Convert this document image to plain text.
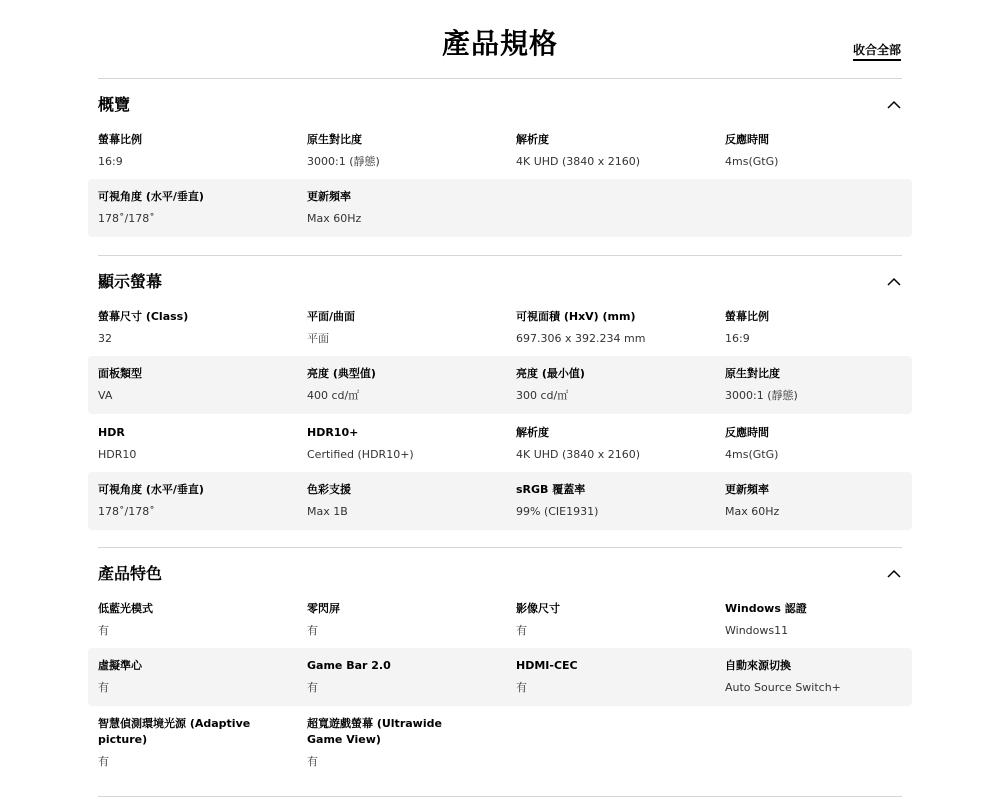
產品規格	收合全部
概覽
螢幕比例
16:9
原生對比度
3000:1 (靜態)
解析度
4K UHD (3840 x 2160)
反應時間
4ms(GtG)
可視角度 (水平/垂直)
178˚/178˚
更新頻率
Max 60Hz
顯示螢幕
螢幕尺寸 (Class)
32
平面/曲面
平面
可視面積 (HxV) (mm)
697.306 x 392.234 mm
螢幕比例
16:9
面板類型
VA
亮度 (典型值)
400 cd/㎡
亮度 (最小值)
300 cd/㎡
原生對比度
3000:1 (靜態)
HDR
HDR10
HDR10+
Certified (HDR10+)
解析度
4K UHD (3840 x 2160)
反應時間
4ms(GtG)
可視角度 (水平/垂直)
178˚/178˚
色彩支援
Max 1B
sRGB 覆蓋率
99% (CIE1931)
更新頻率
Max 60Hz
產品特色
低藍光模式
有
零閃屏
有
影像尺寸
有
Windows 認證
Windows11
虛擬準心
有
Game Bar 2.0
有
HDMI-CEC
有
自動來源切換
Auto Source Switch+
智慧偵測環境光源 (Adaptive picture)
有
超寬遊戲螢幕 (Ultrawide Game View)
有
